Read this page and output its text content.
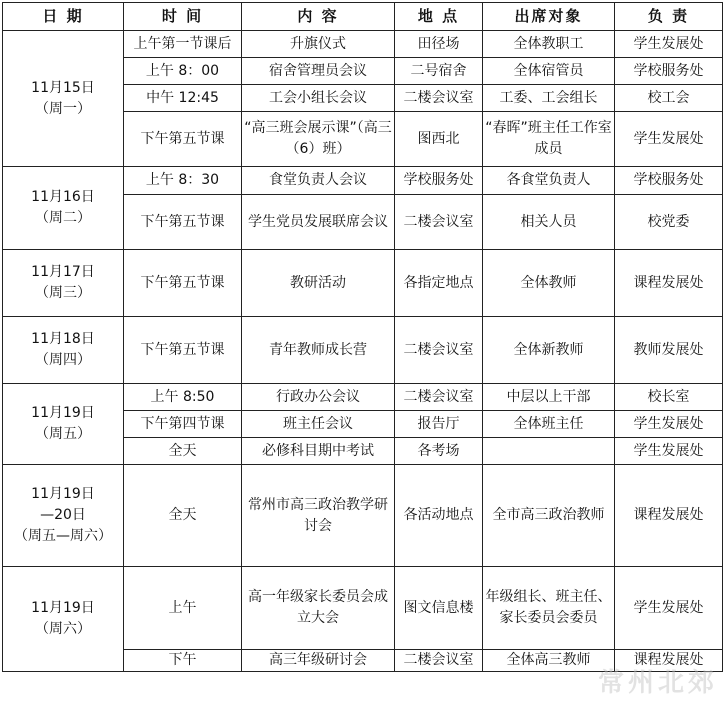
日 期	时 间	内 容	地 点	出席对象	负 责

11月15日
（周一）	上午第一节课后	升旗仪式	田径场	全体教职工	学生发展处
	上午 8：00	宿舍管理员会议	二号宿舍	全体宿管员	学校服务处
	中午 12:45	工会小组长会议	二楼会议室	工委、工会组长	校工会
	下午第五节课	“高三班会展示课”（高三（6）班）	图西北	“春晖”班主任工作室成员	学生发展处

11月16日
（周二）	上午 8：30	食堂负责人会议	学校服务处	各食堂负责人	学校服务处
	下午第五节课	学生党员发展联席会议	二楼会议室	相关人员	校党委

11月17日
（周三）	下午第五节课	教研活动	各指定地点	全体教师	课程发展处

11月18日
（周四）	下午第五节课	青年教师成长营	二楼会议室	全体新教师	教师发展处

11月19日
（周五）	上午 8:50	行政办公会议	二楼会议室	中层以上干部	校长室
	下午第四节课	班主任会议	报告厅	全体班主任	学生发展处
	全天	必修科目期中考试	各考场		学生发展处

11月19日
—20日
（周五—周六）	全天	常州市高三政治教学研讨会	各活动地点	全市高三政治教师	课程发展处

11月19日
（周六）	上午	高一年级家长委员会成立大会	图文信息楼	年级组长、班主任、家长委员会委员	学生发展处
	下午	高三年级研讨会	二楼会议室	全体高三教师	课程发展处
常州北郊
